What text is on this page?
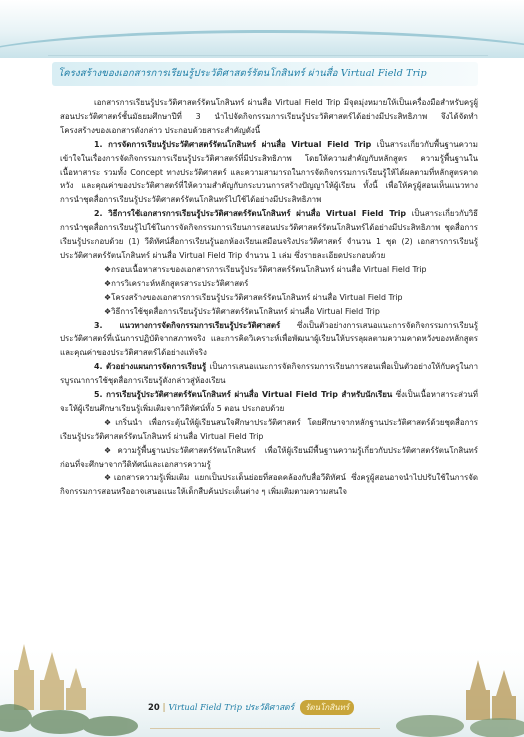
โครงสร้างของเอกสารการเรียนรู้ประวัติศาสตร์รัตนโกสินทร์ ผ่านสื่อ Virtual Field Trip

เอกสารการเรียนรู้ประวัติศาสตร์รัตนโกสินทร์ ผ่านสื่อ Virtual Field Trip มีจุดมุ่งหมายให้เป็นเครื่องมือสำหรับครูผู้สอนประวัติศาสตร์ชั้นมัธยมศึกษาปีที่ 3 นำไปจัดกิจกรรมการเรียนรู้ประวัติศาสตร์ได้อย่างมีประสิทธิภาพ จึงได้จัดทำโครงสร้างของเอกสารดังกล่าว ประกอบด้วยสาระสำคัญดังนี้

1. การจัดการเรียนรู้ประวัติศาสตร์รัตนโกสินทร์ ผ่านสื่อ Virtual Field Trip เป็นสาระเกี่ยวกับพื้นฐานความเข้าใจในเรื่องการจัดกิจกรรมการเรียนรู้ประวัติศาสตร์ที่มีประสิทธิภาพ โดยให้ความสำคัญกับหลักสูตร ความรู้พื้นฐานในเนื้อหาสาระ รวมทั้ง Concept ทางประวัติศาสตร์ และความสามารถในการจัดกิจกรรมการเรียนรู้ให้ได้ผลตามที่หลักสูตรคาดหวัง และคุณค่าของประวัติศาสตร์ที่ให้ความสำคัญกับกระบวนการสร้างปัญญาให้ผู้เรียน ทั้งนี้ เพื่อให้ครูผู้สอนเห็นแนวทางการนำชุดสื่อการเรียนรู้ประวัติศาสตร์รัตนโกสินทร์ไปใช้ได้อย่างมีประสิทธิภาพ

2. วิธีการใช้เอกสารการเรียนรู้ประวัติศาสตร์รัตนโกสินทร์ ผ่านสื่อ Virtual Field Trip เป็นสาระเกี่ยวกับวิธีการนำชุดสื่อการเรียนรู้ไปใช้ในการจัดกิจกรรมการเรียนการสอนประวัติศาสตร์รัตนโกสินทร์ได้อย่างมีประสิทธิภาพ ชุดสื่อการเรียนรู้ประกอบด้วย (1) วีดิทัศน์สื่อการเรียนรู้นอกห้องเรียนเสมือนจริงประวัติศาสตร์ จำนวน 1 ชุด (2) เอกสารการเรียนรู้ประวัติศาสตร์รัตนโกสินทร์ ผ่านสื่อ Virtual Field Trip จำนวน 1 เล่ม ซึ่งรายละเอียดประกอบด้วย

❖กรอบเนื้อหาสาระของเอกสารการเรียนรู้ประวัติศาสตร์รัตนโกสินทร์ ผ่านสื่อ Virtual Field Trip

❖การวิเคราะห์หลักสูตรสาระประวัติศาสตร์

❖โครงสร้างของเอกสารการเรียนรู้ประวัติศาสตร์รัตนโกสินทร์ ผ่านสื่อ Virtual Field Trip

❖วิธีการใช้ชุดสื่อการเรียนรู้ประวัติศาสตร์รัตนโกสินทร์ ผ่านสื่อ Virtual Field Trip

3. แนวทางการจัดกิจกรรมการเรียนรู้ประวัติศาสตร์ ซึ่งเป็นตัวอย่างการเสนอแนะการจัดกิจกรรมการเรียนรู้ประวัติศาสตร์ที่เน้นการปฏิบัติจากสภาพจริง และการคิดวิเคราะห์เพื่อพัฒนาผู้เรียนให้บรรลุผลตามความคาดหวังของหลักสูตร และคุณค่าของประวัติศาสตร์ได้อย่างแท้จริง

4. ตัวอย่างแผนการจัดการเรียนรู้ เป็นการเสนอแนะการจัดกิจกรรมการเรียนการสอนเพื่อเป็นตัวอย่างให้กับครูในการบูรณาการใช้ชุดสื่อการเรียนรู้ดังกล่าวสู่ห้องเรียน

5. การเรียนรู้ประวัติศาสตร์รัตนโกสินทร์ ผ่านสื่อ Virtual Field Trip สำหรับนักเรียน ซึ่งเป็นเนื้อหาสาระส่วนที่จะให้ผู้เรียนศึกษาเรียนรู้เพิ่มเติมจากวีดิทัศน์ทั้ง 5 ตอน ประกอบด้วย

❖เกริ่นนำ เพื่อกระตุ้นให้ผู้เรียนสนใจศึกษาประวัติศาสตร์ โดยศึกษาจากหลักฐานประวัติศาสตร์ด้วยชุดสื่อการเรียนรู้ประวัติศาสตร์รัตนโกสินทร์ ผ่านสื่อ Virtual Field Trip

❖ความรู้พื้นฐานประวัติศาสตร์รัตนโกสินทร์ เพื่อให้ผู้เรียนมีพื้นฐานความรู้เกี่ยวกับประวัติศาสตร์รัตนโกสินทร์ก่อนที่จะศึกษาจากวีดิทัศน์และเอกสารความรู้

❖เอกสารความรู้เพิ่มเติม แยกเป็นประเด็นย่อยที่สอดคล้องกับสื่อวีดิทัศน์ ซึ่งครูผู้สอนอาจนำไปปรับใช้ในการจัดกิจกรรมการสอนหรืออาจเสนอแนะให้เด็กสืบค้นประเด็นต่าง ๆ เพิ่มเติมตามความสนใจ

20 | Virtual Field Trip ประวัติศาสตร์ รัตนโกสินทร์
